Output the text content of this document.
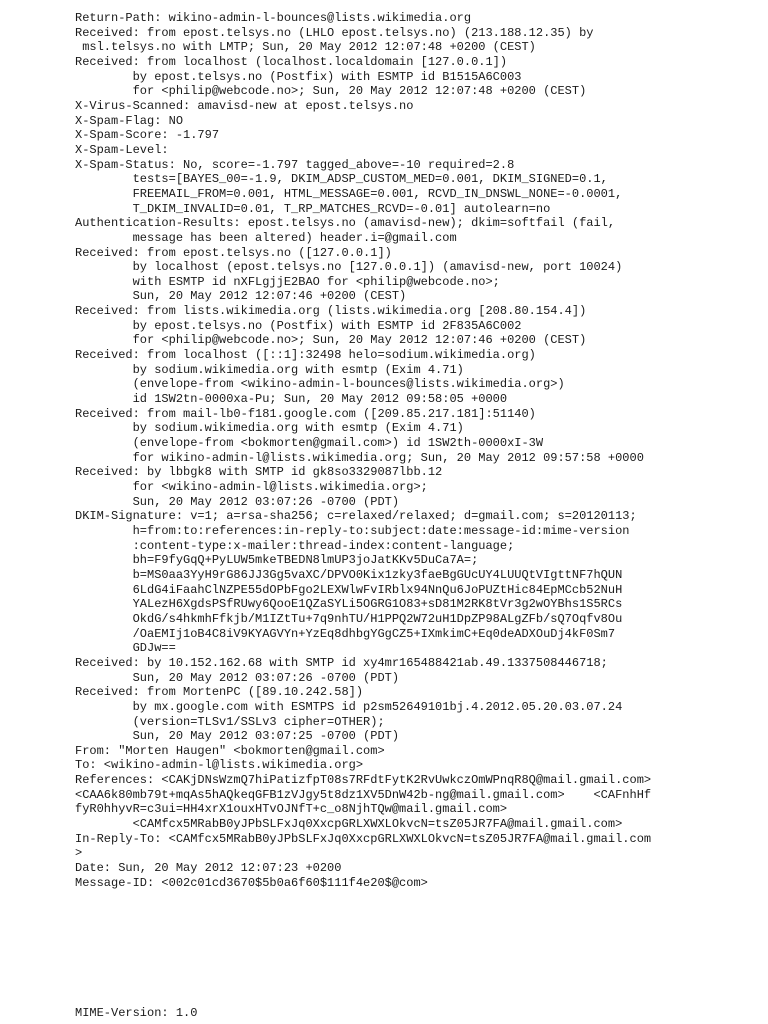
Return-Path: wikino-admin-l-bounces@lists.wikimedia.org
Received: from epost.telsys.no (LHLO epost.telsys.no) (213.188.12.35) by
msl.telsys.no with LMTP; Sun, 20 May 2012 12:07:48 +0200 (CEST)
Received: from localhost (localhost.localdomain [127.0.0.1])
by epost.telsys.no (Postfix) with ESMTP id B1515A6C003
for <philip@webcode.no>; Sun, 20 May 2012 12:07:48 +0200 (CEST)
X-Virus-Scanned: amavisd-new at epost.telsys.no
X-Spam-Flag: NO
X-Spam-Score: -1.797
X-Spam-Level:
X-Spam-Status: No, score=-1.797 tagged_above=-10 required=2.8
tests=[BAYES_00=-1.9, DKIM_ADSP_CUSTOM_MED=0.001, DKIM_SIGNED=0.1,
FREEMAIL_FROM=0.001, HTML_MESSAGE=0.001, RCVD_IN_DNSWL_NONE=-0.0001,
T_DKIM_INVALID=0.01, T_RP_MATCHES_RCVD=-0.01] autolearn=no
Authentication-Results: epost.telsys.no (amavisd-new); dkim=softfail (fail,
message has been altered) header.i=@gmail.com
Received: from epost.telsys.no ([127.0.0.1])
by localhost (epost.telsys.no [127.0.0.1]) (amavisd-new, port 10024)
with ESMTP id nXFLgjjE2BAO for <philip@webcode.no>;
Sun, 20 May 2012 12:07:46 +0200 (CEST)
Received: from lists.wikimedia.org (lists.wikimedia.org [208.80.154.4])
by epost.telsys.no (Postfix) with ESMTP id 2F835A6C002
for <philip@webcode.no>; Sun, 20 May 2012 12:07:46 +0200 (CEST)
Received: from localhost ([::1]:32498 helo=sodium.wikimedia.org)
by sodium.wikimedia.org with esmtp (Exim 4.71)
(envelope-from <wikino-admin-l-bounces@lists.wikimedia.org>)
id 1SW2tn-0000xa-Pu; Sun, 20 May 2012 09:58:05 +0000
Received: from mail-lb0-f181.google.com ([209.85.217.181]:51140)
by sodium.wikimedia.org with esmtp (Exim 4.71)
(envelope-from <bokmorten@gmail.com>) id 1SW2th-0000xI-3W
for wikino-admin-l@lists.wikimedia.org; Sun, 20 May 2012 09:57:58 +0000
Received: by lbbgk8 with SMTP id gk8so3329087lbb.12
for <wikino-admin-l@lists.wikimedia.org>;
Sun, 20 May 2012 03:07:26 -0700 (PDT)
DKIM-Signature: v=1; a=rsa-sha256; c=relaxed/relaxed; d=gmail.com; s=20120113;
h=from:to:references:in-reply-to:subject:date:message-id:mime-version
:content-type:x-mailer:thread-index:content-language;
bh=F9fyGqQ+PyLUW5mkeTBEDN8lmUP3joJatKKv5DuCa7A=;
b=MS0aa3YyH9rG86JJ3Gg5vaXC/DPVO0Kix1zky3faeBgGUcUY4LUUQtVIgttNF7hQUN
6LdG4iFaahClNZPE55dOPbFgo2LEXWlwFvIRblx94NnQu6JoPUZtHic84EpMCcb52NuH
YALezH6XgdsPSfRUwy6QooE1QZaSYLi5OGRG1O83+sD81M2RK8tVr3g2wOYBhs1S5RCs
OkdG/s4hkmhFfkjb/M1IZtTu+7q9nhTU/H1PPQ2W72uH1DpZP98ALgZFb/sQ7Oqfv8Ou
/OaEMIj1oB4C8iV9KYAGVYn+YzEq8dhbgYGgCZ5+IXmkimC+Eq0deADXOuDj4kF0Sm7
GDJw==
Received: by 10.152.162.68 with SMTP id xy4mr165488421ab.49.1337508446718;
Sun, 20 May 2012 03:07:26 -0700 (PDT)
Received: from MortenPC ([89.10.242.58])
by mx.google.com with ESMTPS id p2sm52649101bj.4.2012.05.20.03.07.24
(version=TLSv1/SSLv3 cipher=OTHER);
Sun, 20 May 2012 03:07:25 -0700 (PDT)
From: "Morten Haugen" <bokmorten@gmail.com>
To: <wikino-admin-l@lists.wikimedia.org>
References: <CAKjDNsWzmQ7hiPatizfpT08s7RFdtFytK2RvUwkczOmWPnqR8Q@mail.gmail.com>
<CAA6k80mb79t+mqAs5hAQkeqGFB1zVJgy5t8dz1XV5DnW42b-ng@mail.gmail.com>    <CAFnhHf
fyR0hhyvR=c3ui=HH4xrX1ouxHTvOJNfT+c_o8NjhTQw@mail.gmail.com>
<CAMfcx5MRabB0yJPbSLFxJq0XxcpGRLXWXLOkvcN=tsZ05JR7FA@mail.gmail.com>
In-Reply-To: <CAMfcx5MRabB0yJPbSLFxJq0XxcpGRLXWXLOkvcN=tsZ05JR7FA@mail.gmail.com
>
Date: Sun, 20 May 2012 12:07:23 +0200
Message-ID: <002c01cd3670$5b0a6f60$111f4e20$@com>
MIME-Version: 1.0
